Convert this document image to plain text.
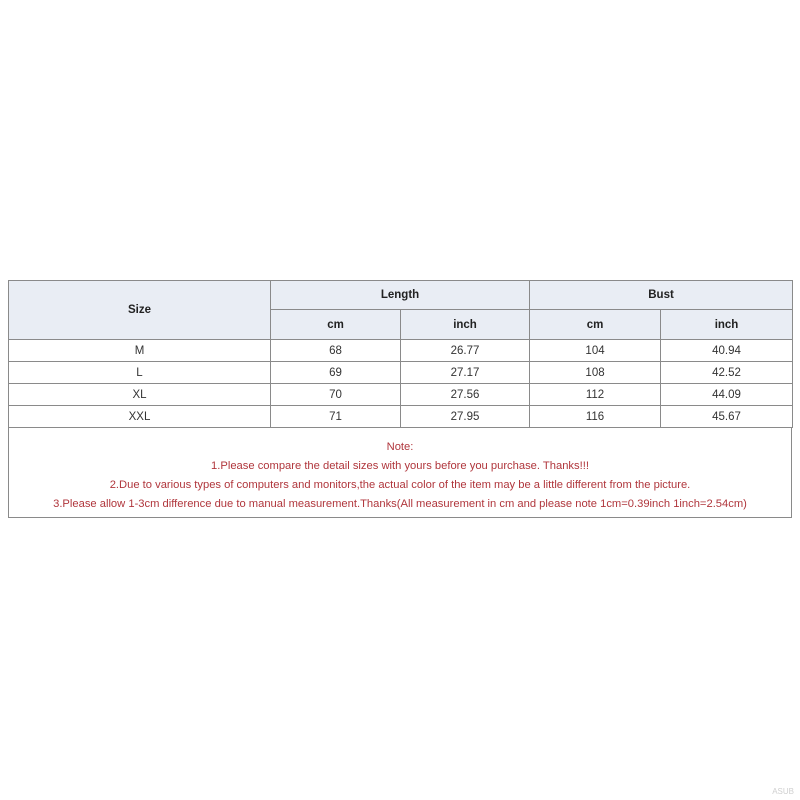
Size	Length		Bust	
	cm	inch	cm	inch
M	68	26.77	104	40.94
L	69	27.17	108	42.52
XL	70	27.56	112	44.09
XXL	71	27.95	116	45.67
Note:
1.Please compare the detail sizes with yours before you purchase. Thanks!!!
2.Due to various types of computers and monitors,the actual color of the item may be a little different from the picture.
3.Please allow 1-3cm difference due to manual measurement.Thanks(All measurement in cm and please note 1cm=0.39inch 1inch=2.54cm)
ASUB
